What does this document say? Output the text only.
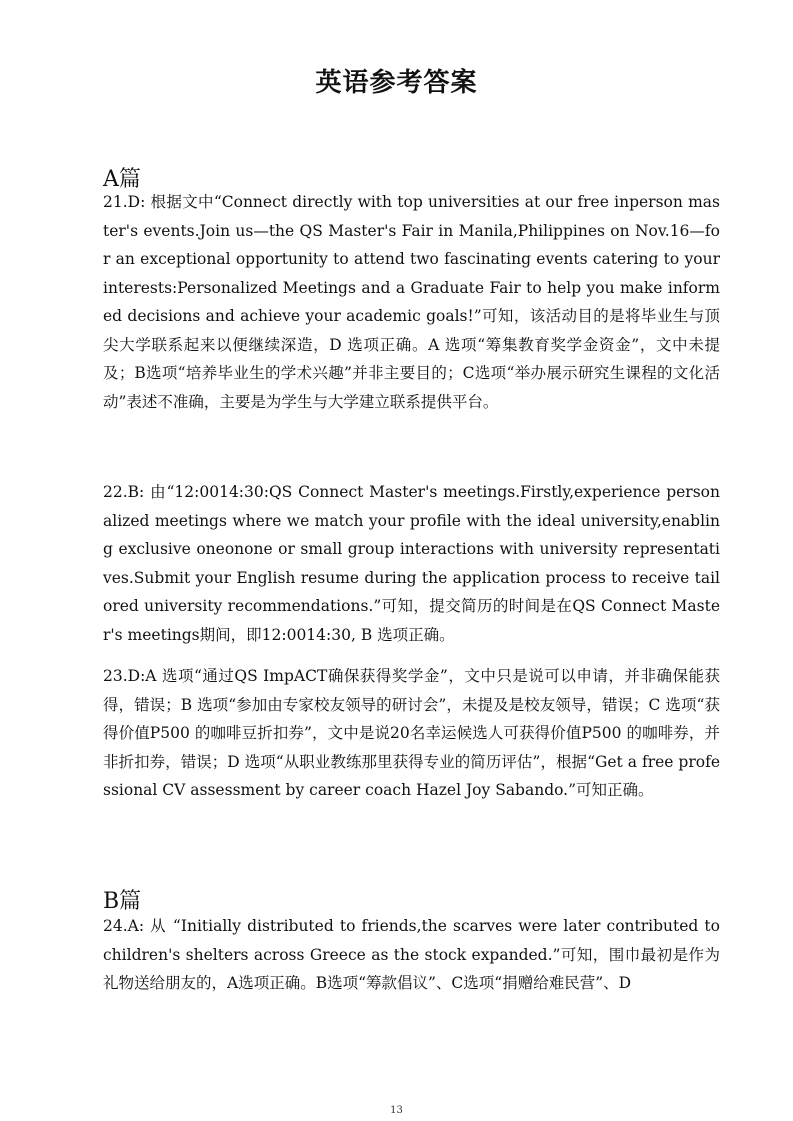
英语参考答案
A篇
21.D: 根据文中“Connect directly with top universities at our free inperson master's events.Join us—the QS Master's Fair in Manila,Philippines on Nov.16—for an exceptional opportunity to attend two fascinating events catering to your interests:Personalized Meetings and a Graduate Fair to help you make informed decisions and achieve your academic goals!”可知，该活动目的是将毕业生与顶尖大学联系起来以便继续深造，D 选项正确。A 选项“筹集教育奖学金资金”，文中未提及；B选项“培养毕业生的学术兴趣”并非主要目的；C选项“举办展示研究生课程的文化活动”表述不准确，主要是为学生与大学建立联系提供平台。
22.B: 由“12:0014:30:QS Connect Master's meetings.Firstly,experience personalized meetings where we match your profile with the ideal university,enabling exclusive oneonone or small group interactions with university representatives.Submit your English resume during the application process to receive tailored university recommendations.”可知，提交简历的时间是在QS Connect Master's meetings期间，即12:0014:30, B 选项正确。
23.D:A 选项“通过QS ImpACT确保获得奖学金”，文中只是说可以申请，并非确保能获得，错误；B 选项“参加由专家校友领导的研讨会”，未提及是校友领导，错误；C 选项“获得价值P500 的咖啡豆折扣券”，文中是说20名幸运候选人可获得价值P500 的咖啡券，并非折扣券，错误；D 选项“从职业教练那里获得专业的简历评估”，根据“Get a free professional CV assessment by career coach Hazel Joy Sabando.”可知正确。
B篇
24.A: 从 “Initially distributed to friends,the scarves were later contributed to children's shelters across Greece as the stock expanded.”可知，围巾最初是作为礼物送给朋友的，A选项正确。B选项“筹款倡议”、C选项“捐赠给难民营”、D
13
